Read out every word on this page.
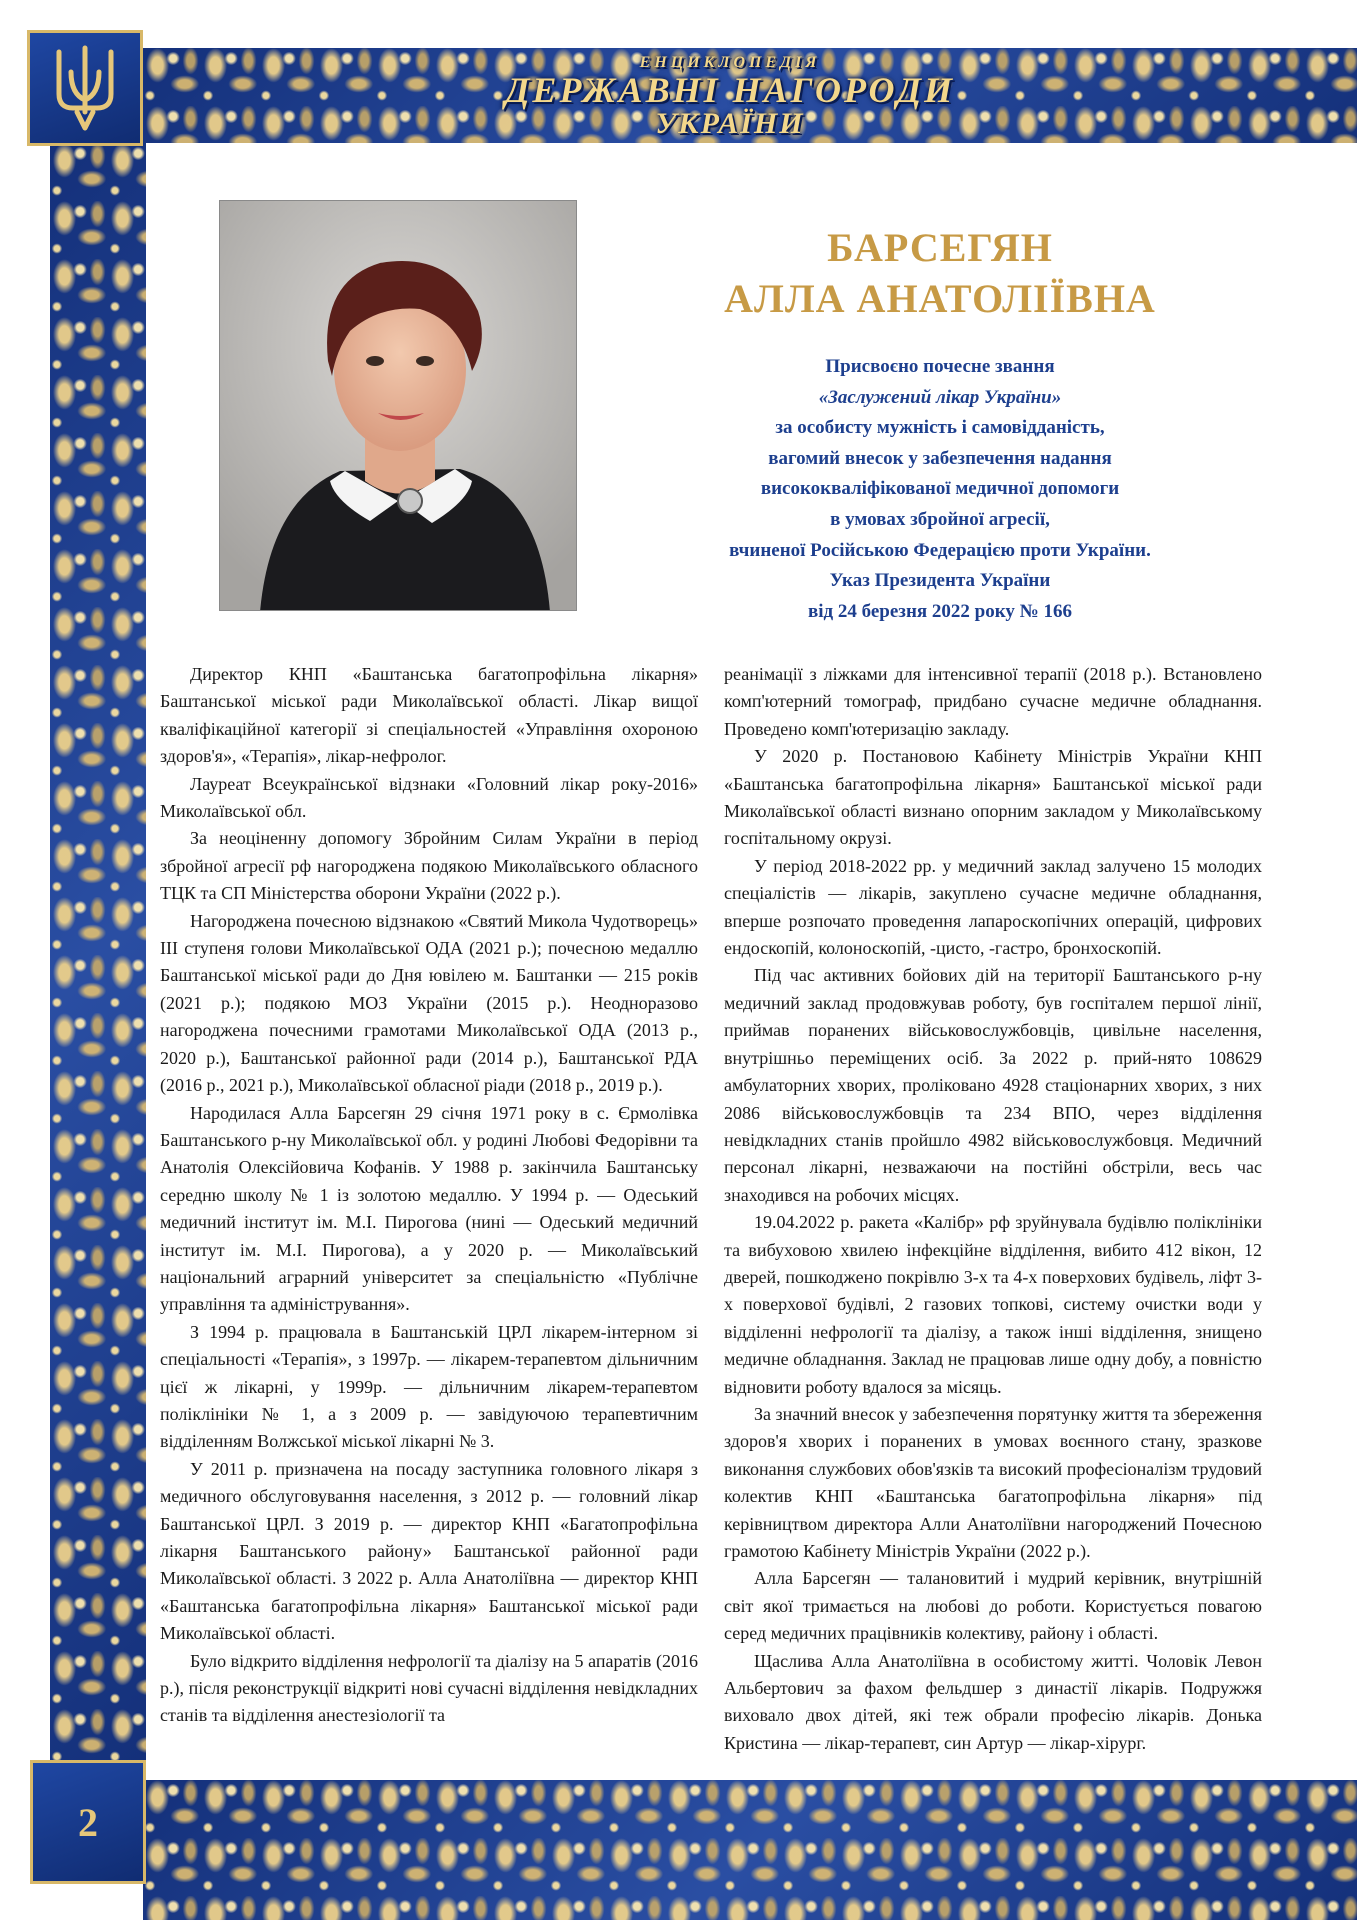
ЕНЦИКЛОПЕДІЯ
ДЕРЖАВНІ НАГОРОДИ
УКРАЇНИ
БАРСЕГЯН
АЛЛА АНАТОЛІЇВНА
Присвоєно почесне звання
«Заслужений лікар України»
за особисту мужність і самовідданість,
вагомий внесок у забезпечення надання
висококваліфікованої медичної допомоги
в умовах збройної агресії,
вчиненої Російською Федерацією проти України.
Указ Президента України
від 24 березня 2022 року № 166

Директор КНП «Баштанська багатопрофільна лікарня» Баштанської міської ради Миколаївської області. Лікар вищої кваліфікаційної категорії зі спеціальностей «Управління охороною здоров'я», «Терапія», лікар-нефролог.

Лауреат Всеукраїнської відзнаки «Головний лікар року-2016» Миколаївської обл.

За неоціненну допомогу Збройним Силам України в період збройної агресії рф нагороджена подякою Миколаївського обласного ТЦК та СП Міністерства оборони України (2022 р.).

Нагороджена почесною відзнакою «Святий Микола Чудотворець» ІІІ ступеня голови Миколаївської ОДА (2021 р.); почесною медаллю Баштанської міської ради до Дня ювілею м. Баштанки — 215 років (2021 р.); подякою МОЗ України (2015 р.). Неодноразово нагороджена почесними грамотами Миколаївської ОДА (2013 р., 2020 р.), Баштанської районної ради (2014 р.), Баштанської РДА (2016 р., 2021 р.), Миколаївської обласної ріади (2018 р., 2019 р.).

Народилася Алла Барсегян 29 січня 1971 року в с. Єрмолівка Баштанського р-ну Миколаївської обл. у родині Любові Федорівни та Анатолія Олексійовича Кофанів. У 1988 р. закінчила Баштанську середню школу № 1 із золотою медаллю. У 1994 р. — Одеський медичний інститут ім. М.І. Пирогова (нині — Одеський медичний інститут ім. М.І. Пирогова), а у 2020 р. — Миколаївський національний аграрний університет за спеціальністю «Публічне управління та адміністрування».

З 1994 р. працювала в Баштанській ЦРЛ лікарем-інтерном зі спеціальності «Терапія», з 1997р. — лікарем-терапевтом дільничним цієї ж лікарні, у 1999р. — дільничним лікарем-терапевтом поліклініки № 1, а з 2009 р. — завідуючою терапевтичним відділенням Волжської міської лікарні № 3.

У 2011 р. призначена на посаду заступника головного лікаря з медичного обслуговування населення, з 2012 р. — головний лікар Баштанської ЦРЛ. З 2019 р. — директор КНП «Багатопрофільна лікарня Баштанського району» Баштанської районної ради Миколаївської області. З 2022 р. Алла Анатоліївна — директор КНП «Баштанська багатопрофільна лікарня» Баштанської міської ради Миколаївської області.

Було відкрито відділення нефрології та діалізу на 5 апаратів (2016 р.), після реконструкції відкриті нові сучасні відділення невідкладних станів та відділення анестезіології та

реанімації з ліжками для інтенсивної терапії (2018 р.). Встановлено комп'ютерний томограф, придбано сучасне медичне обладнання. Проведено комп'ютеризацію закладу.

У 2020 р. Постановою Кабінету Міністрів України КНП «Баштанська багатопрофільна лікарня» Баштанської міської ради Миколаївської області визнано опорним закладом у Миколаївському госпітальному окрузі.

У період 2018-2022 рр. у медичний заклад залучено 15 молодих спеціалістів — лікарів, закуплено сучасне медичне обладнання, вперше розпочато проведення лапароскопічних операцій, цифрових ендоскопій, колоноскопій, -цисто, -гастро, бронхоскопій.

Під час активних бойових дій на території Баштанського р-ну медичний заклад продовжував роботу, був госпіталем першої лінії, приймав поранених військовослужбовців, цивільне населення, внутрішньо переміщених осіб. За 2022 р. прий-нято 108629 амбулаторних хворих, проліковано 4928 стаціонарних хворих, з них 2086 військовослужбовців та 234 ВПО, через відділення невідкладних станів пройшло 4982 військовослужбовця. Медичний персонал лікарні, незважаючи на постійні обстріли, весь час знаходився на робочих місцях.

19.04.2022 р. ракета «Калібр» рф зруйнувала будівлю поліклініки та вибуховою хвилею інфекційне відділення, вибито 412 вікон, 12 дверей, пошкоджено покрівлю 3-х та 4-х поверхових будівель, ліфт 3-х поверхової будівлі, 2 газових топкові, систему очистки води у відділенні нефрології та діалізу, а також інші відділення, знищено медичне обладнання. Заклад не працював лише одну добу, а повністю відновити роботу вдалося за місяць.

За значний внесок у забезпечення порятунку життя та збереження здоров'я хворих і поранених в умовах воєнного стану, зразкове виконання службових обов'язків та високий професіоналізм трудовий колектив КНП «Баштанська багатопрофільна лікарня» під керівництвом директора Алли Анатоліївни нагороджений Почесною грамотою Кабінету Міністрів України (2022 р.).

Алла Барсегян — талановитий і мудрий керівник, внутрішній світ якої тримається на любові до роботи. Користується повагою серед медичних працівників колективу, району і області.

Щаслива Алла Анатоліївна в особистому житті. Чоловік Левон Альбертович за фахом фельдшер з династії лікарів. Подружжя виховало двох дітей, які теж обрали професію лікарів. Донька Кристина — лікар-терапевт, син Артур — лікар-хірург.

2
